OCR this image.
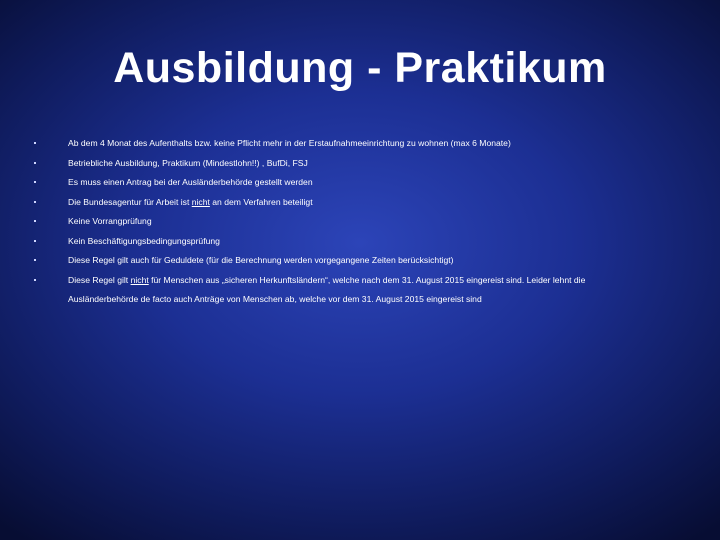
Ausbildung - Praktikum
Ab dem 4 Monat des Aufenthalts bzw. keine Pflicht mehr in der Erstaufnahmeeinrichtung zu wohnen (max 6 Monate)
Betriebliche Ausbildung, Praktikum (Mindestlohn!!) , BufDi, FSJ
Es muss einen Antrag bei der Ausländerbehörde gestellt werden
Die Bundesagentur für Arbeit ist nicht an dem Verfahren beteiligt
Keine Vorrangprüfung
Kein Beschäftigungsbedingungsprüfung
Diese Regel gilt auch für Geduldete (für die Berechnung werden vorgegangene Zeiten berücksichtigt)
Diese Regel gilt nicht für Menschen aus „sicheren Herkunftsländern“, welche nach dem 31. August 2015 eingereist sind. Leider lehnt die Ausländerbehörde de facto auch Anträge von Menschen ab, welche vor dem 31. August 2015 eingereist sind
